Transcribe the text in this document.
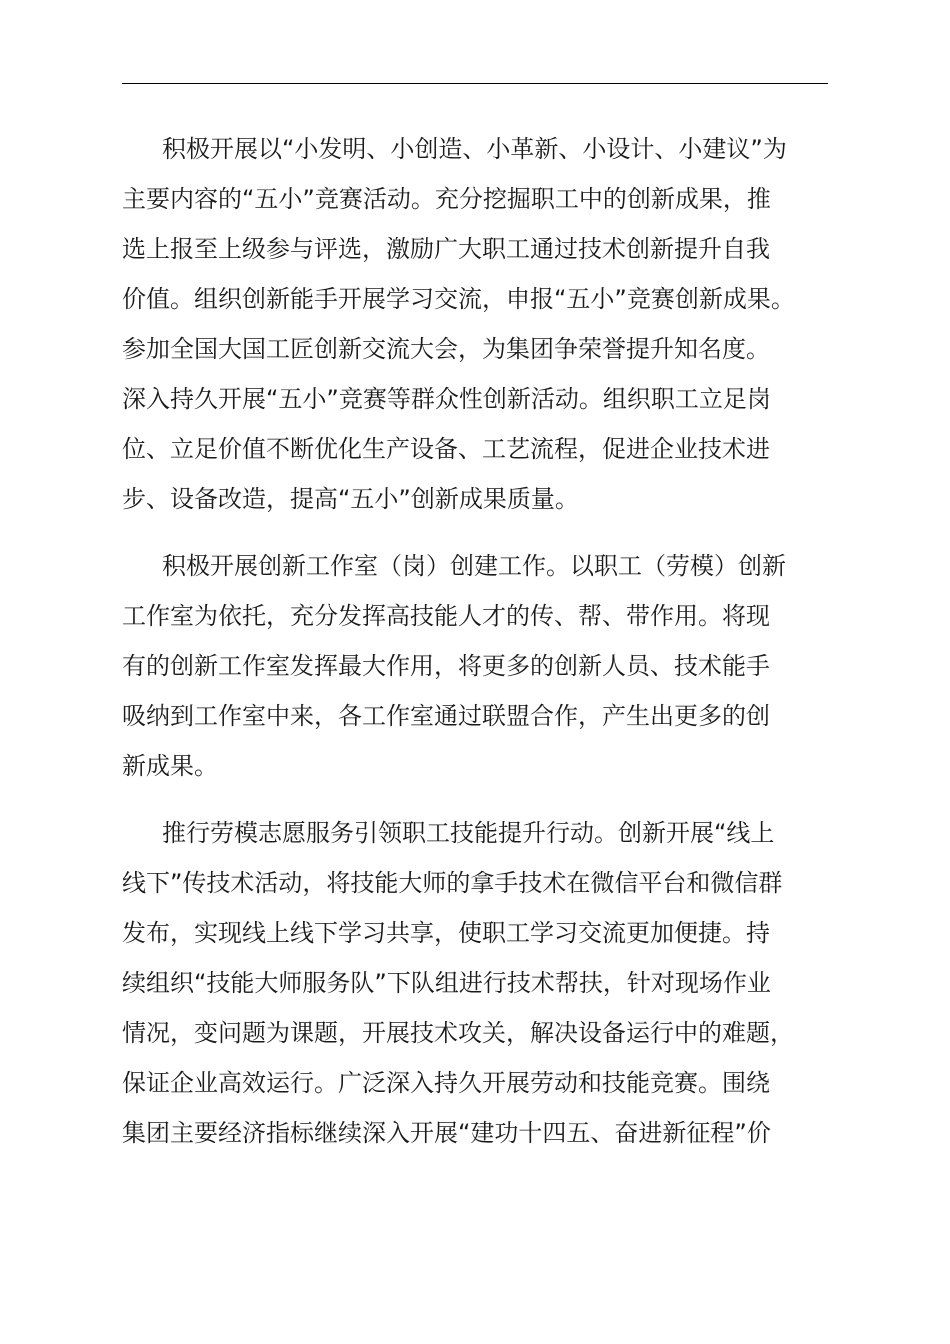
积极开展以“小发明、小创造、小革新、小设计、小建议”为
主要内容的“五小”竞赛活动。充分挖掘职工中的创新成果，推
选上报至上级参与评选，激励广大职工通过技术创新提升自我
价值。组织创新能手开展学习交流，申报“五小”竞赛创新成果。
参加全国大国工匠创新交流大会，为集团争荣誉提升知名度。
深入持久开展“五小”竞赛等群众性创新活动。组织职工立足岗
位、立足价值不断优化生产设备、工艺流程，促进企业技术进
步、设备改造，提高“五小”创新成果质量。

积极开展创新工作室（岗）创建工作。以职工（劳模）创新
工作室为依托，充分发挥高技能人才的传、帮、带作用。将现
有的创新工作室发挥最大作用，将更多的创新人员、技术能手
吸纳到工作室中来，各工作室通过联盟合作，产生出更多的创
新成果。

推行劳模志愿服务引领职工技能提升行动。创新开展“线上
线下”传技术活动，将技能大师的拿手技术在微信平台和微信群
发布，实现线上线下学习共享，使职工学习交流更加便捷。持
续组织“技能大师服务队”下队组进行技术帮扶，针对现场作业
情况，变问题为课题，开展技术攻关，解决设备运行中的难题，
保证企业高效运行。广泛深入持久开展劳动和技能竞赛。围绕
集团主要经济指标继续深入开展“建功十四五、奋进新征程”价
